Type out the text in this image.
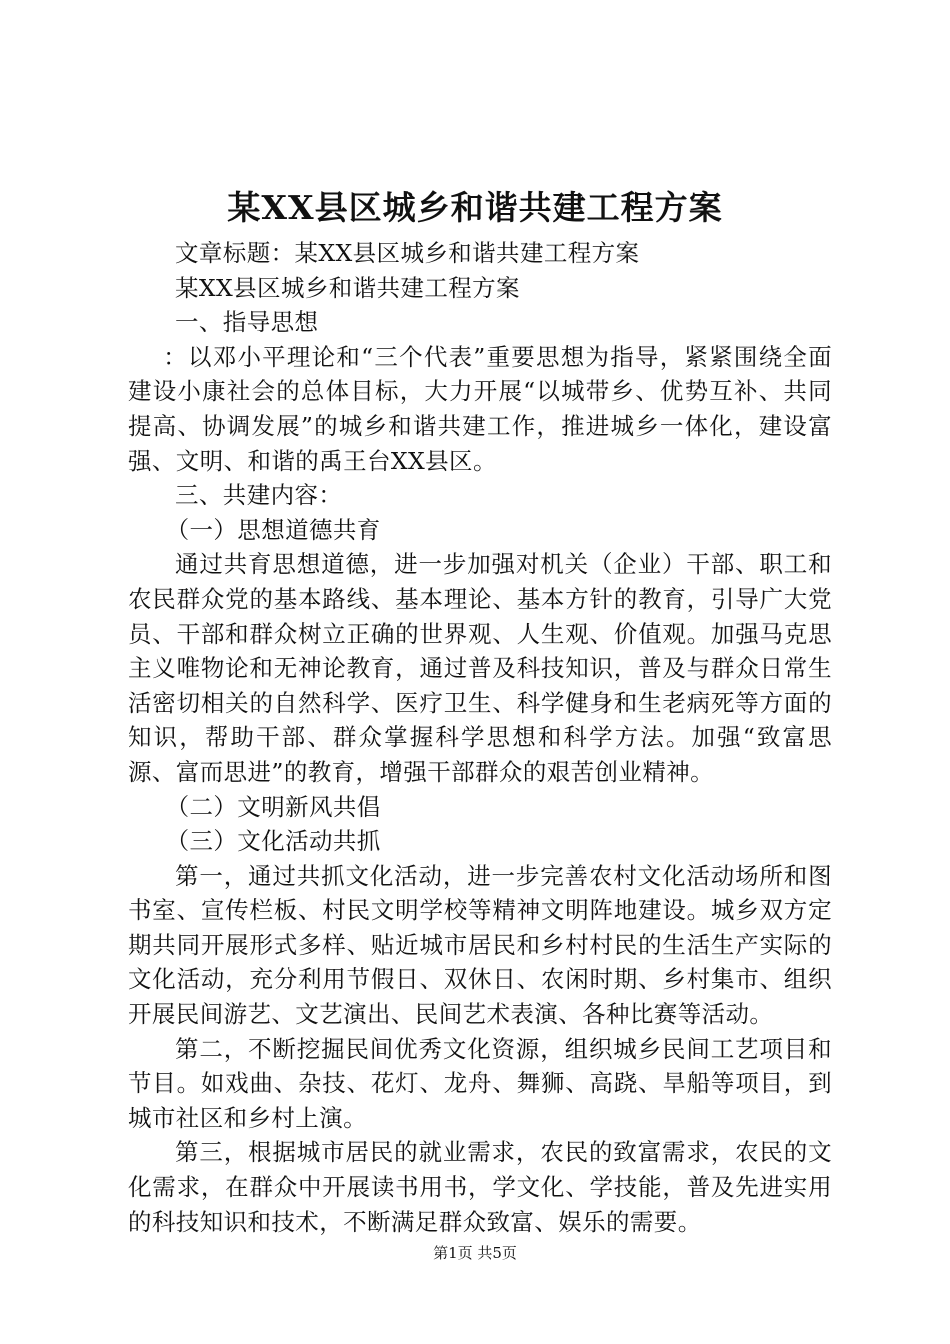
某XX县区城乡和谐共建工程方案

文章标题：某XX县区城乡和谐共建工程方案

某XX县区城乡和谐共建工程方案

一、指导思想

：以邓小平理论和“三个代表”重要思想为指导，紧紧围绕全面建设小康社会的总体目标，大力开展“以城带乡、优势互补、共同提高、协调发展”的城乡和谐共建工作，推进城乡一体化，建设富强、文明、和谐的禹王台XX县区。

三、共建内容：

（一）思想道德共育

通过共育思想道德，进一步加强对机关（企业）干部、职工和农民群众党的基本路线、基本理论、基本方针的教育，引导广大党员、干部和群众树立正确的世界观、人生观、价值观。加强马克思主义唯物论和无神论教育，通过普及科技知识，普及与群众日常生活密切相关的自然科学、医疗卫生、科学健身和生老病死等方面的知识，帮助干部、群众掌握科学思想和科学方法。加强“致富思源、富而思进”的教育，增强干部群众的艰苦创业精神。

（二）文明新风共倡

（三）文化活动共抓

第一，通过共抓文化活动，进一步完善农村文化活动场所和图书室、宣传栏板、村民文明学校等精神文明阵地建设。城乡双方定期共同开展形式多样、贴近城市居民和乡村村民的生活生产实际的文化活动，充分利用节假日、双休日、农闲时期、乡村集市、组织开展民间游艺、文艺演出、民间艺术表演、各种比赛等活动。

第二，不断挖掘民间优秀文化资源，组织城乡民间工艺项目和节目。如戏曲、杂技、花灯、龙舟、舞狮、高跷、旱船等项目，到城市社区和乡村上演。

第三，根据城市居民的就业需求，农民的致富需求，农民的文化需求，在群众中开展读书用书，学文化、学技能，普及先进实用的科技知识和技术，不断满足群众致富、娱乐的需要。

第1页 共5页
